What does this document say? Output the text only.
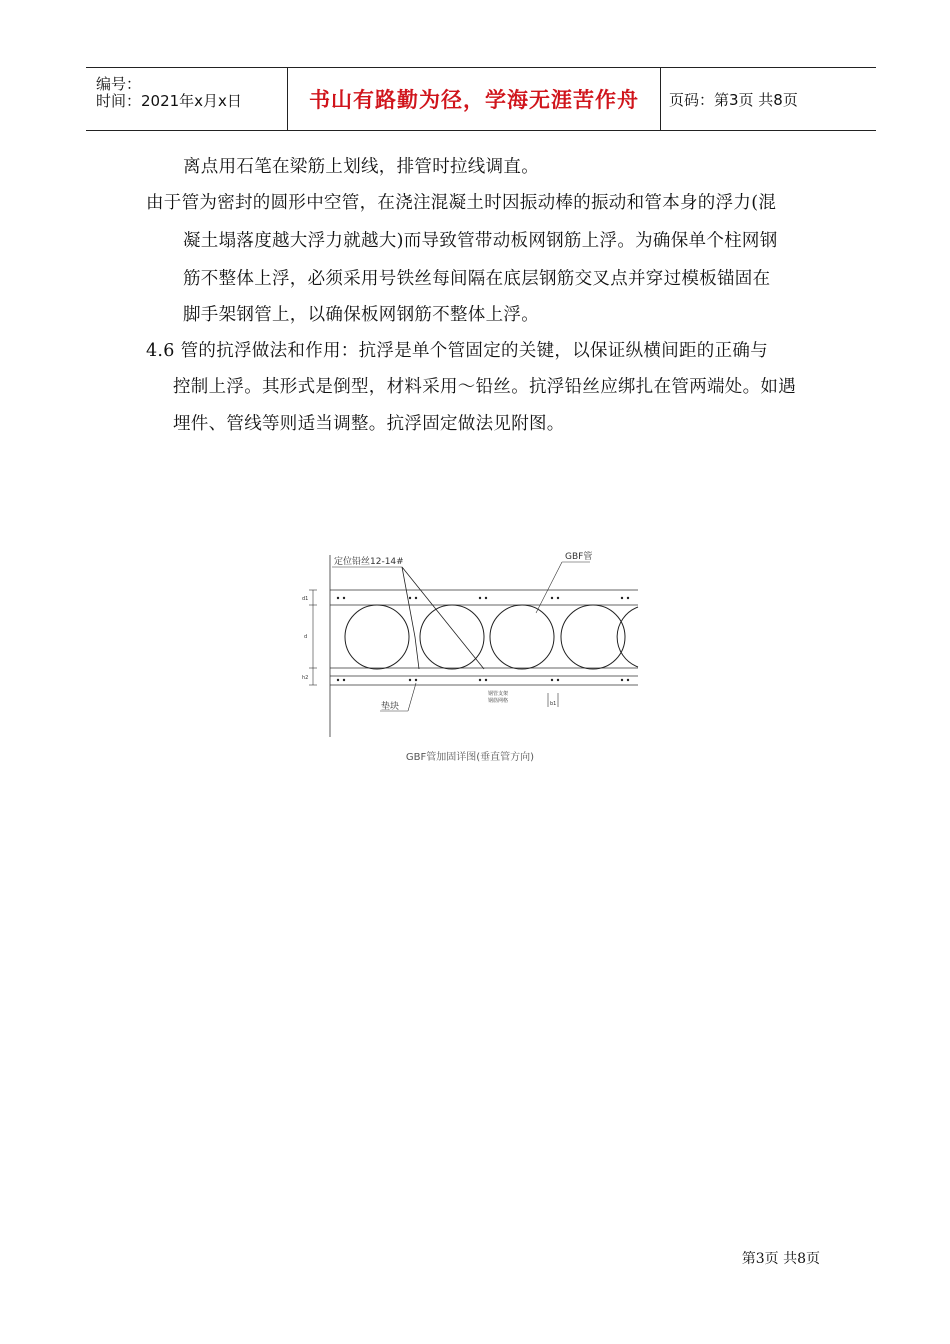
编号：
时间：2021年x月x日	书山有路勤为径，学海无涯苦作舟 页码：第3页 共8页
离点用石笔在梁筋上划线，排管时拉线调直。
由于管为密封的圆形中空管，在浇注混凝土时因振动棒的振动和管本身的浮力(混
凝土塌落度越大浮力就越大)而导致管带动板网钢筋上浮。为确保单个柱网钢
筋不整体上浮，必须采用号铁丝每间隔在底层钢筋交叉点并穿过模板锚固在
脚手架钢管上，以确保板网钢筋不整体上浮。
4.6 管的抗浮做法和作用：抗浮是单个管固定的关键，以保证纵横间距的正确与
控制上浮。其形式是倒型，材料采用～铅丝。抗浮铅丝应绑扎在管两端处。如遇
埋件、管线等则适当调整。抗浮固定做法见附图。
d1
d
h2
定位铅丝12-14#	GBF管
垫块
钢管支架
钢筋网格	b1
GBF管加固详图(垂直管方向)
第3页 共8页
